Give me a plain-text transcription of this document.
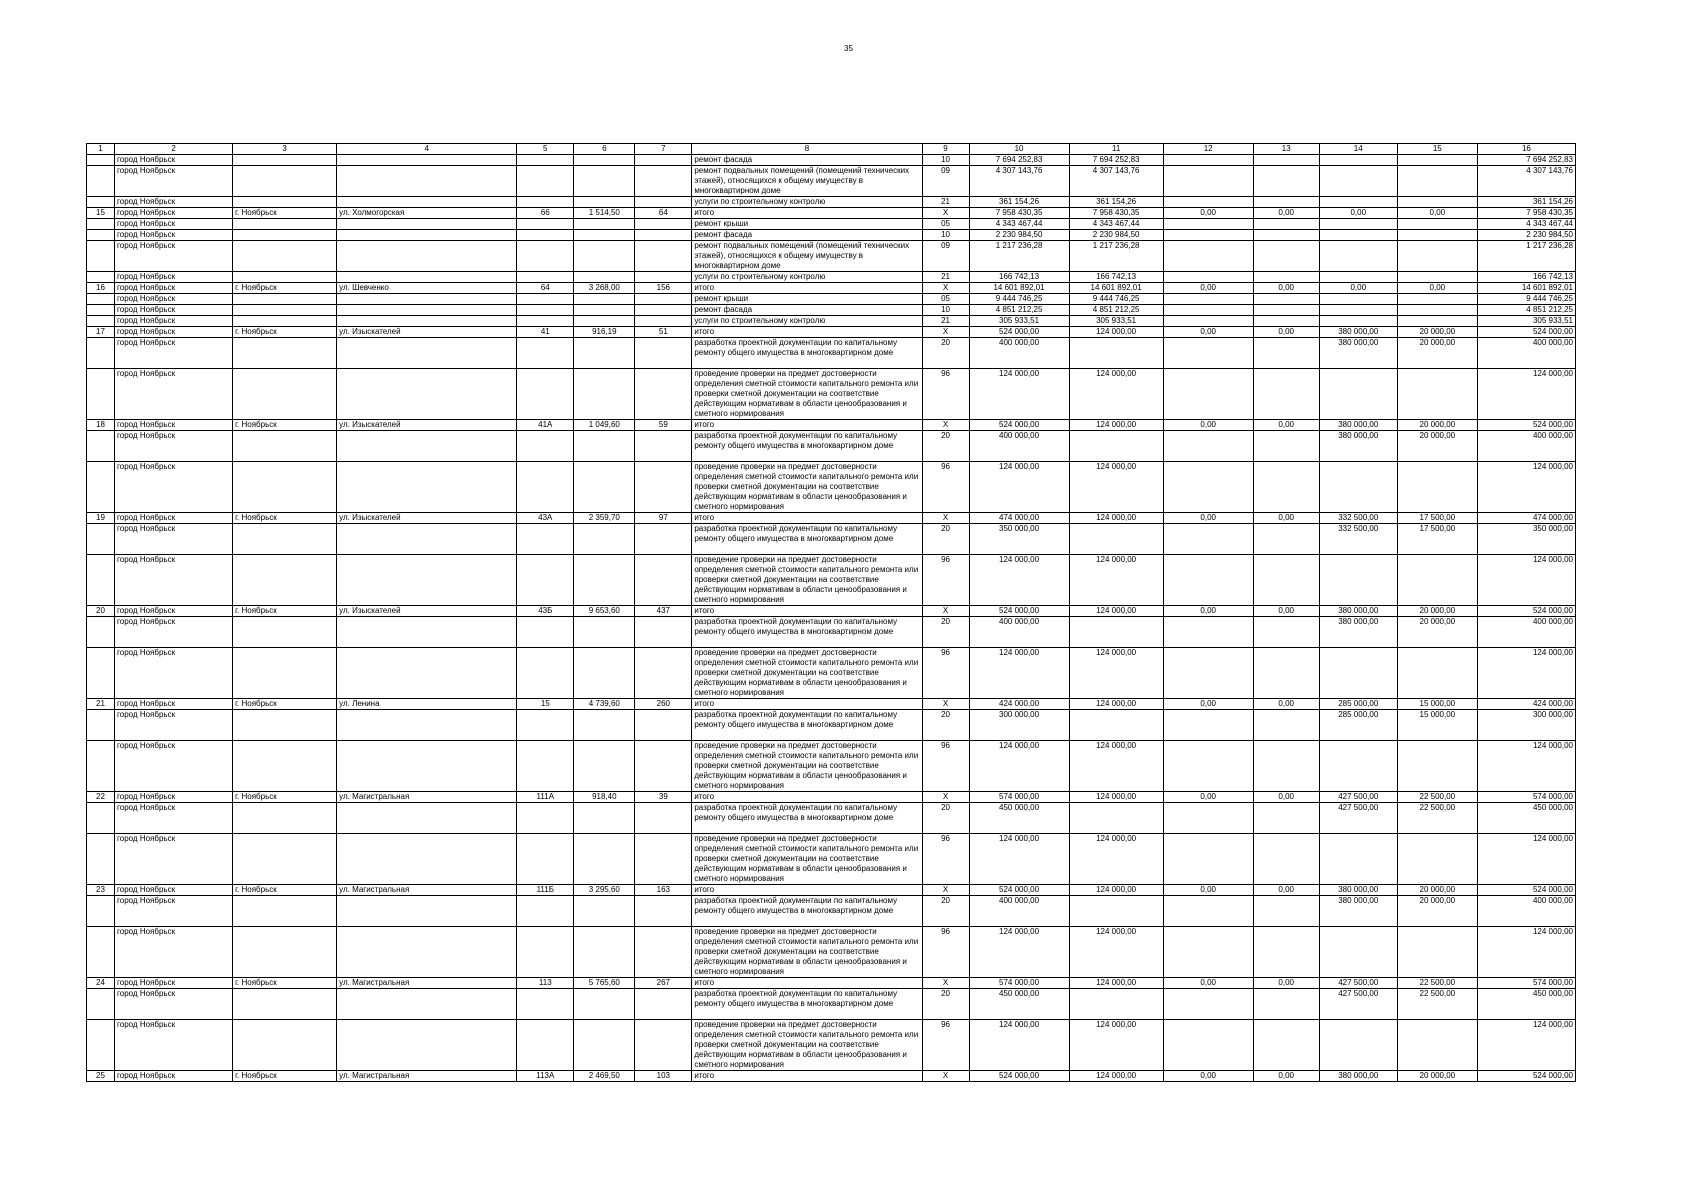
35
1	2	3	4	5	6	7	8	9	10	11	12	13	14	15	16
	город Ноябрьск						ремонт фасада	10	7 694 252,83	7 694 252,83					7 694 252,83
	город Ноябрьск						ремонт подвальных помещений (помещений технических этажей), относящихся к общему имуществу в многоквартирном доме	09	4 307 143,76	4 307 143,76					4 307 143,76
	город Ноябрьск						услуги по строительному контролю	21	361 154,26	361 154,26					361 154,26
15	город Ноябрьск	г. Ноябрьск	ул. Холмогорская	66	1 514,50	64	итого	X	7 958 430,35	7 958 430,35	0,00	0,00	0,00	0,00	7 958 430,35
	город Ноябрьск						ремонт крыши	05	4 343 467,44	4 343 467,44					4 343 467,44
	город Ноябрьск						ремонт фасада	10	2 230 984,50	2 230 984,50					2 230 984,50
	город Ноябрьск						ремонт подвальных помещений (помещений технических этажей), относящихся к общему имуществу в многоквартирном доме	09	1 217 236,28	1 217 236,28					1 217 236,28
	город Ноябрьск						услуги по строительному контролю	21	166 742,13	166 742,13					166 742,13
16	город Ноябрьск	г. Ноябрьск	ул. Шевченко	64	3 268,00	156	итого	X	14 601 892,01	14 601 892,01	0,00	0,00	0,00	0,00	14 601 892,01
	город Ноябрьск						ремонт крыши	05	9 444 746,25	9 444 746,25					9 444 746,25
	город Ноябрьск						ремонт фасада	10	4 851 212,25	4 851 212,25					4 851 212,25
	город Ноябрьск						услуги по строительному контролю	21	305 933,51	305 933,51					305 933,51
17	город Ноябрьск	г. Ноябрьск	ул. Изыскателей	41	916,19	51	итого	X	524 000,00	124 000,00	0,00	0,00	380 000,00	20 000,00	524 000,00
	город Ноябрьск						разработка проектной документации по капитальному ремонту общего имущества в многоквартирном доме	20	400 000,00				380 000,00	20 000,00	400 000,00
	город Ноябрьск						проведение проверки на предмет достоверности определения сметной стоимости капитального ремонта или проверки сметной документации на соответствие действующим нормативам в области ценообразования и сметного нормирования	96	124 000,00	124 000,00					124 000,00
18	город Ноябрьск	г. Ноябрьск	ул. Изыскателей	41А	1 049,60	59	итого	X	524 000,00	124 000,00	0,00	0,00	380 000,00	20 000,00	524 000,00
	город Ноябрьск						разработка проектной документации по капитальному ремонту общего имущества в многоквартирном доме	20	400 000,00				380 000,00	20 000,00	400 000,00
	город Ноябрьск						проведение проверки на предмет достоверности определения сметной стоимости капитального ремонта или проверки сметной документации на соответствие действующим нормативам в области ценообразования и сметного нормирования	96	124 000,00	124 000,00					124 000,00
19	город Ноябрьск	г. Ноябрьск	ул. Изыскателей	43А	2 359,70	97	итого	X	474 000,00	124 000,00	0,00	0,00	332 500,00	17 500,00	474 000,00
	город Ноябрьск						разработка проектной документации по капитальному ремонту общего имущества в многоквартирном доме	20	350 000,00				332 500,00	17 500,00	350 000,00
	город Ноябрьск						проведение проверки на предмет достоверности определения сметной стоимости капитального ремонта или проверки сметной документации на соответствие действующим нормативам в области ценообразования и сметного нормирования	96	124 000,00	124 000,00					124 000,00
20	город Ноябрьск	г. Ноябрьск	ул. Изыскателей	43Б	9 653,60	437	итого	X	524 000,00	124 000,00	0,00	0,00	380 000,00	20 000,00	524 000,00
	город Ноябрьск						разработка проектной документации по капитальному ремонту общего имущества в многоквартирном доме	20	400 000,00				380 000,00	20 000,00	400 000,00
	город Ноябрьск						проведение проверки на предмет достоверности определения сметной стоимости капитального ремонта или проверки сметной документации на соответствие действующим нормативам в области ценообразования и сметного нормирования	96	124 000,00	124 000,00					124 000,00
21	город Ноябрьск	г. Ноябрьск	ул. Ленина	15	4 739,60	260	итого	X	424 000,00	124 000,00	0,00	0,00	285 000,00	15 000,00	424 000,00
	город Ноябрьск						разработка проектной документации по капитальному ремонту общего имущества в многоквартирном доме	20	300 000,00				285 000,00	15 000,00	300 000,00
	город Ноябрьск						проведение проверки на предмет достоверности определения сметной стоимости капитального ремонта или проверки сметной документации на соответствие действующим нормативам в области ценообразования и сметного нормирования	96	124 000,00	124 000,00					124 000,00
22	город Ноябрьск	г. Ноябрьск	ул. Магистральная	111А	918,40	39	итого	X	574 000,00	124 000,00	0,00	0,00	427 500,00	22 500,00	574 000,00
	город Ноябрьск						разработка проектной документации по капитальному ремонту общего имущества в многоквартирном доме	20	450 000,00				427 500,00	22 500,00	450 000,00
	город Ноябрьск						проведение проверки на предмет достоверности определения сметной стоимости капитального ремонта или проверки сметной документации на соответствие действующим нормативам в области ценообразования и сметного нормирования	96	124 000,00	124 000,00					124 000,00
23	город Ноябрьск	г. Ноябрьск	ул. Магистральная	111Б	3 295,60	163	итого	X	524 000,00	124 000,00	0,00	0,00	380 000,00	20 000,00	524 000,00
	город Ноябрьск						разработка проектной документации по капитальному ремонту общего имущества в многоквартирном доме	20	400 000,00				380 000,00	20 000,00	400 000,00
	город Ноябрьск						проведение проверки на предмет достоверности определения сметной стоимости капитального ремонта или проверки сметной документации на соответствие действующим нормативам в области ценообразования и сметного нормирования	96	124 000,00	124 000,00					124 000,00
24	город Ноябрьск	г. Ноябрьск	ул. Магистральная	113	5 765,60	267	итого	X	574 000,00	124 000,00	0,00	0,00	427 500,00	22 500,00	574 000,00
	город Ноябрьск						разработка проектной документации по капитальному ремонту общего имущества в многоквартирном доме	20	450 000,00				427 500,00	22 500,00	450 000,00
	город Ноябрьск						проведение проверки на предмет достоверности определения сметной стоимости капитального ремонта или проверки сметной документации на соответствие действующим нормативам в области ценообразования и сметного нормирования	96	124 000,00	124 000,00					124 000,00
25	город Ноябрьск	г. Ноябрьск	ул. Магистральная	113А	2 469,50	103	итого	X	524 000,00	124 000,00	0,00	0,00	380 000,00	20 000,00	524 000,00
